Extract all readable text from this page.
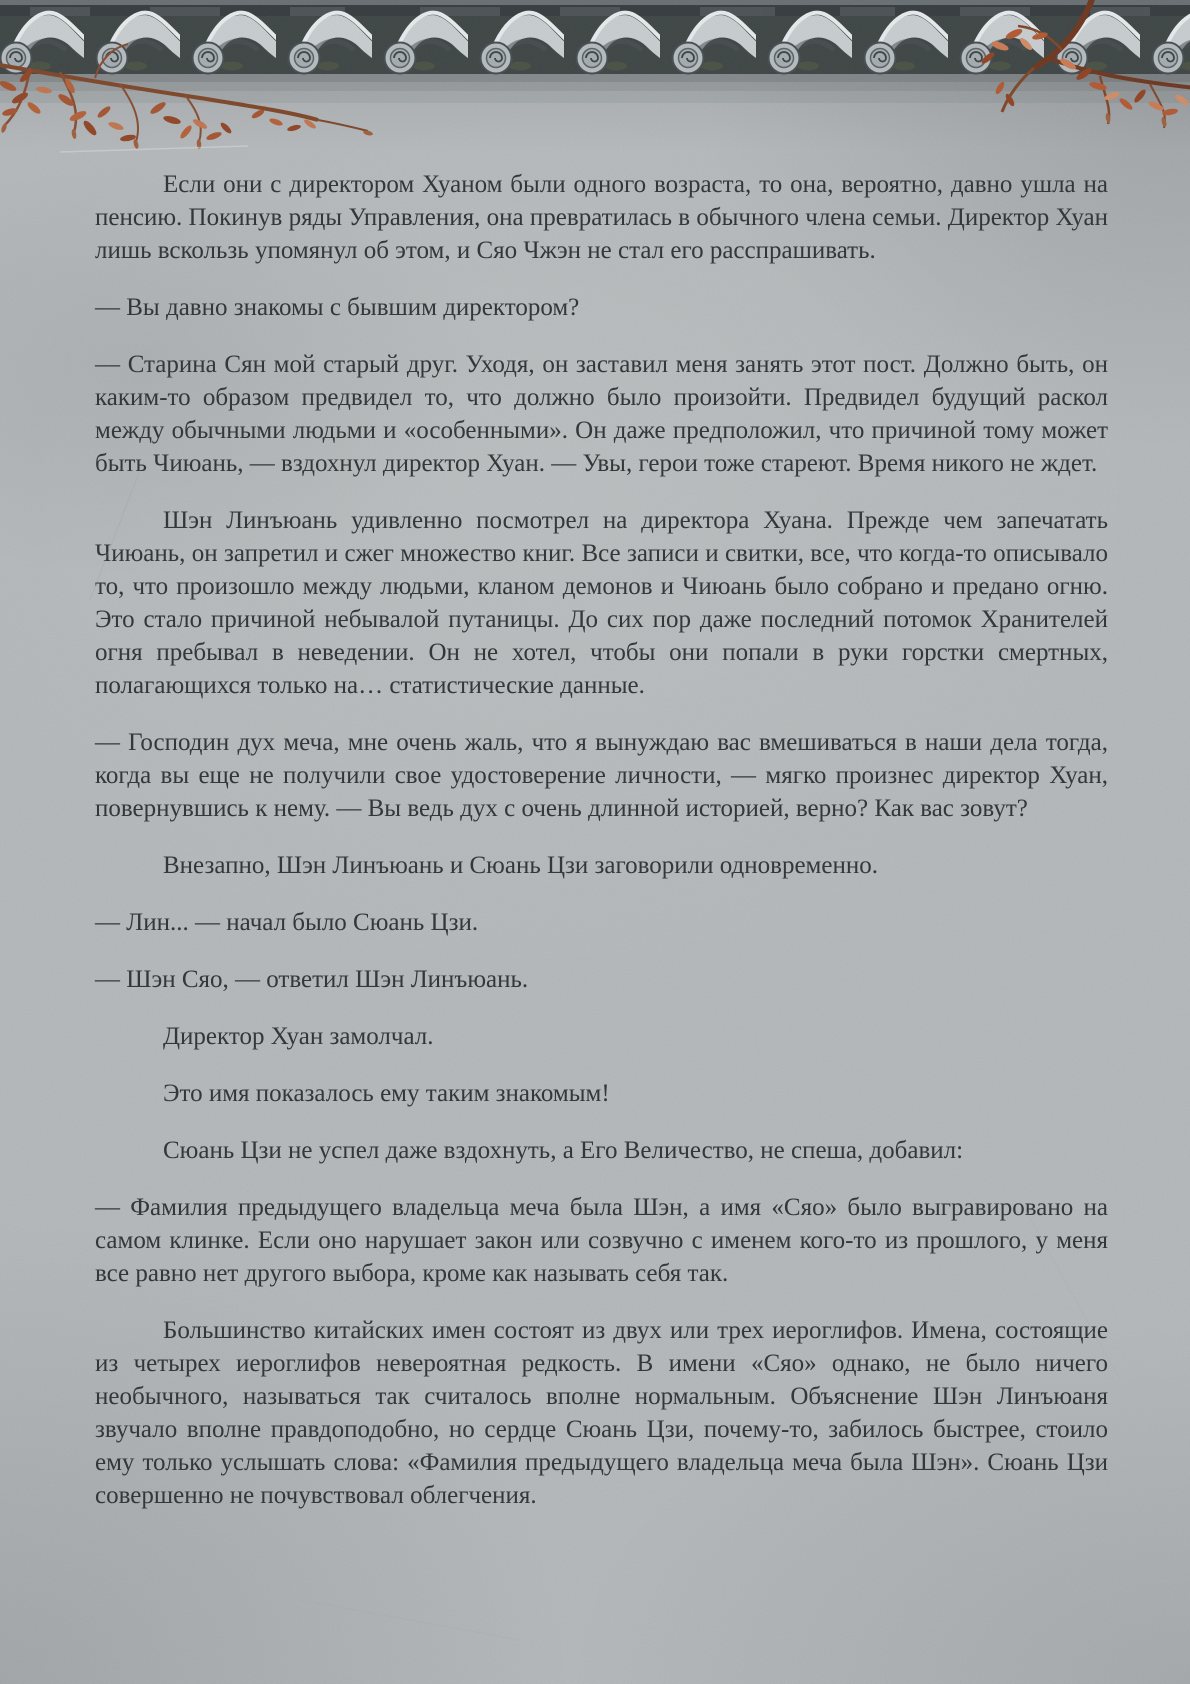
Если они с директором Хуаном были одного возраста, то она, вероятно, давно ушла на пенсию. Покинув ряды Управления, она превратилась в обычного члена семьи. Директор Хуан лишь вскользь упомянул об этом, и Сяо Чжэн не стал его расспрашивать.

— Вы давно знакомы с бывшим директором?

— Старина Сян мой старый друг. Уходя, он заставил меня занять этот пост. Должно быть, он каким-то образом предвидел то, что должно было произойти. Предвидел будущий раскол между обычными людьми и «особенными». Он даже предположил, что причиной тому может быть Чиюань, — вздохнул директор Хуан. — Увы, герои тоже стареют. Время никого не ждет.

Шэн Линъюань удивленно посмотрел на директора Хуана. Прежде чем запечатать Чиюань, он запретил и сжег множество книг. Все записи и свитки, все, что когда-то описывало то, что произошло между людьми, кланом демонов и Чиюань было собрано и предано огню. Это стало причиной небывалой путаницы. До сих пор даже последний потомок Хранителей огня пребывал в неведении. Он не хотел, чтобы они попали в руки горстки смертных, полагающихся только на… статистические данные.

— Господин дух меча, мне очень жаль, что я вынуждаю вас вмешиваться в наши дела тогда, когда вы еще не получили свое удостоверение личности, — мягко произнес директор Хуан, повернувшись к нему. — Вы ведь дух с очень длинной историей, верно? Как вас зовут?

Внезапно, Шэн Линъюань и Сюань Цзи заговорили одновременно.

— Лин... — начал было Сюань Цзи.

— Шэн Сяо, — ответил Шэн Линъюань.

Директор Хуан замолчал.

Это имя показалось ему таким знакомым!

Сюань Цзи не успел даже вздохнуть, а Его Величество, не спеша, добавил:

— Фамилия предыдущего владельца меча была Шэн, а имя «Сяо» было выгравировано на самом клинке. Если оно нарушает закон или созвучно с именем кого-то из прошлого, у меня все равно нет другого выбора, кроме как называть себя так.

Большинство китайских имен состоят из двух или трех иероглифов. Имена, состоящие из четырех иероглифов невероятная редкость. В имени «Сяо» однако, не было ничего необычного, называться так считалось вполне нормальным. Объяснение Шэн Линъюаня звучало вполне правдоподобно, но сердце Сюань Цзи, почему-то, забилось быстрее, стоило ему только услышать слова: «Фамилия предыдущего владельца меча была Шэн». Сюань Цзи совершенно не почувствовал облегчения.
